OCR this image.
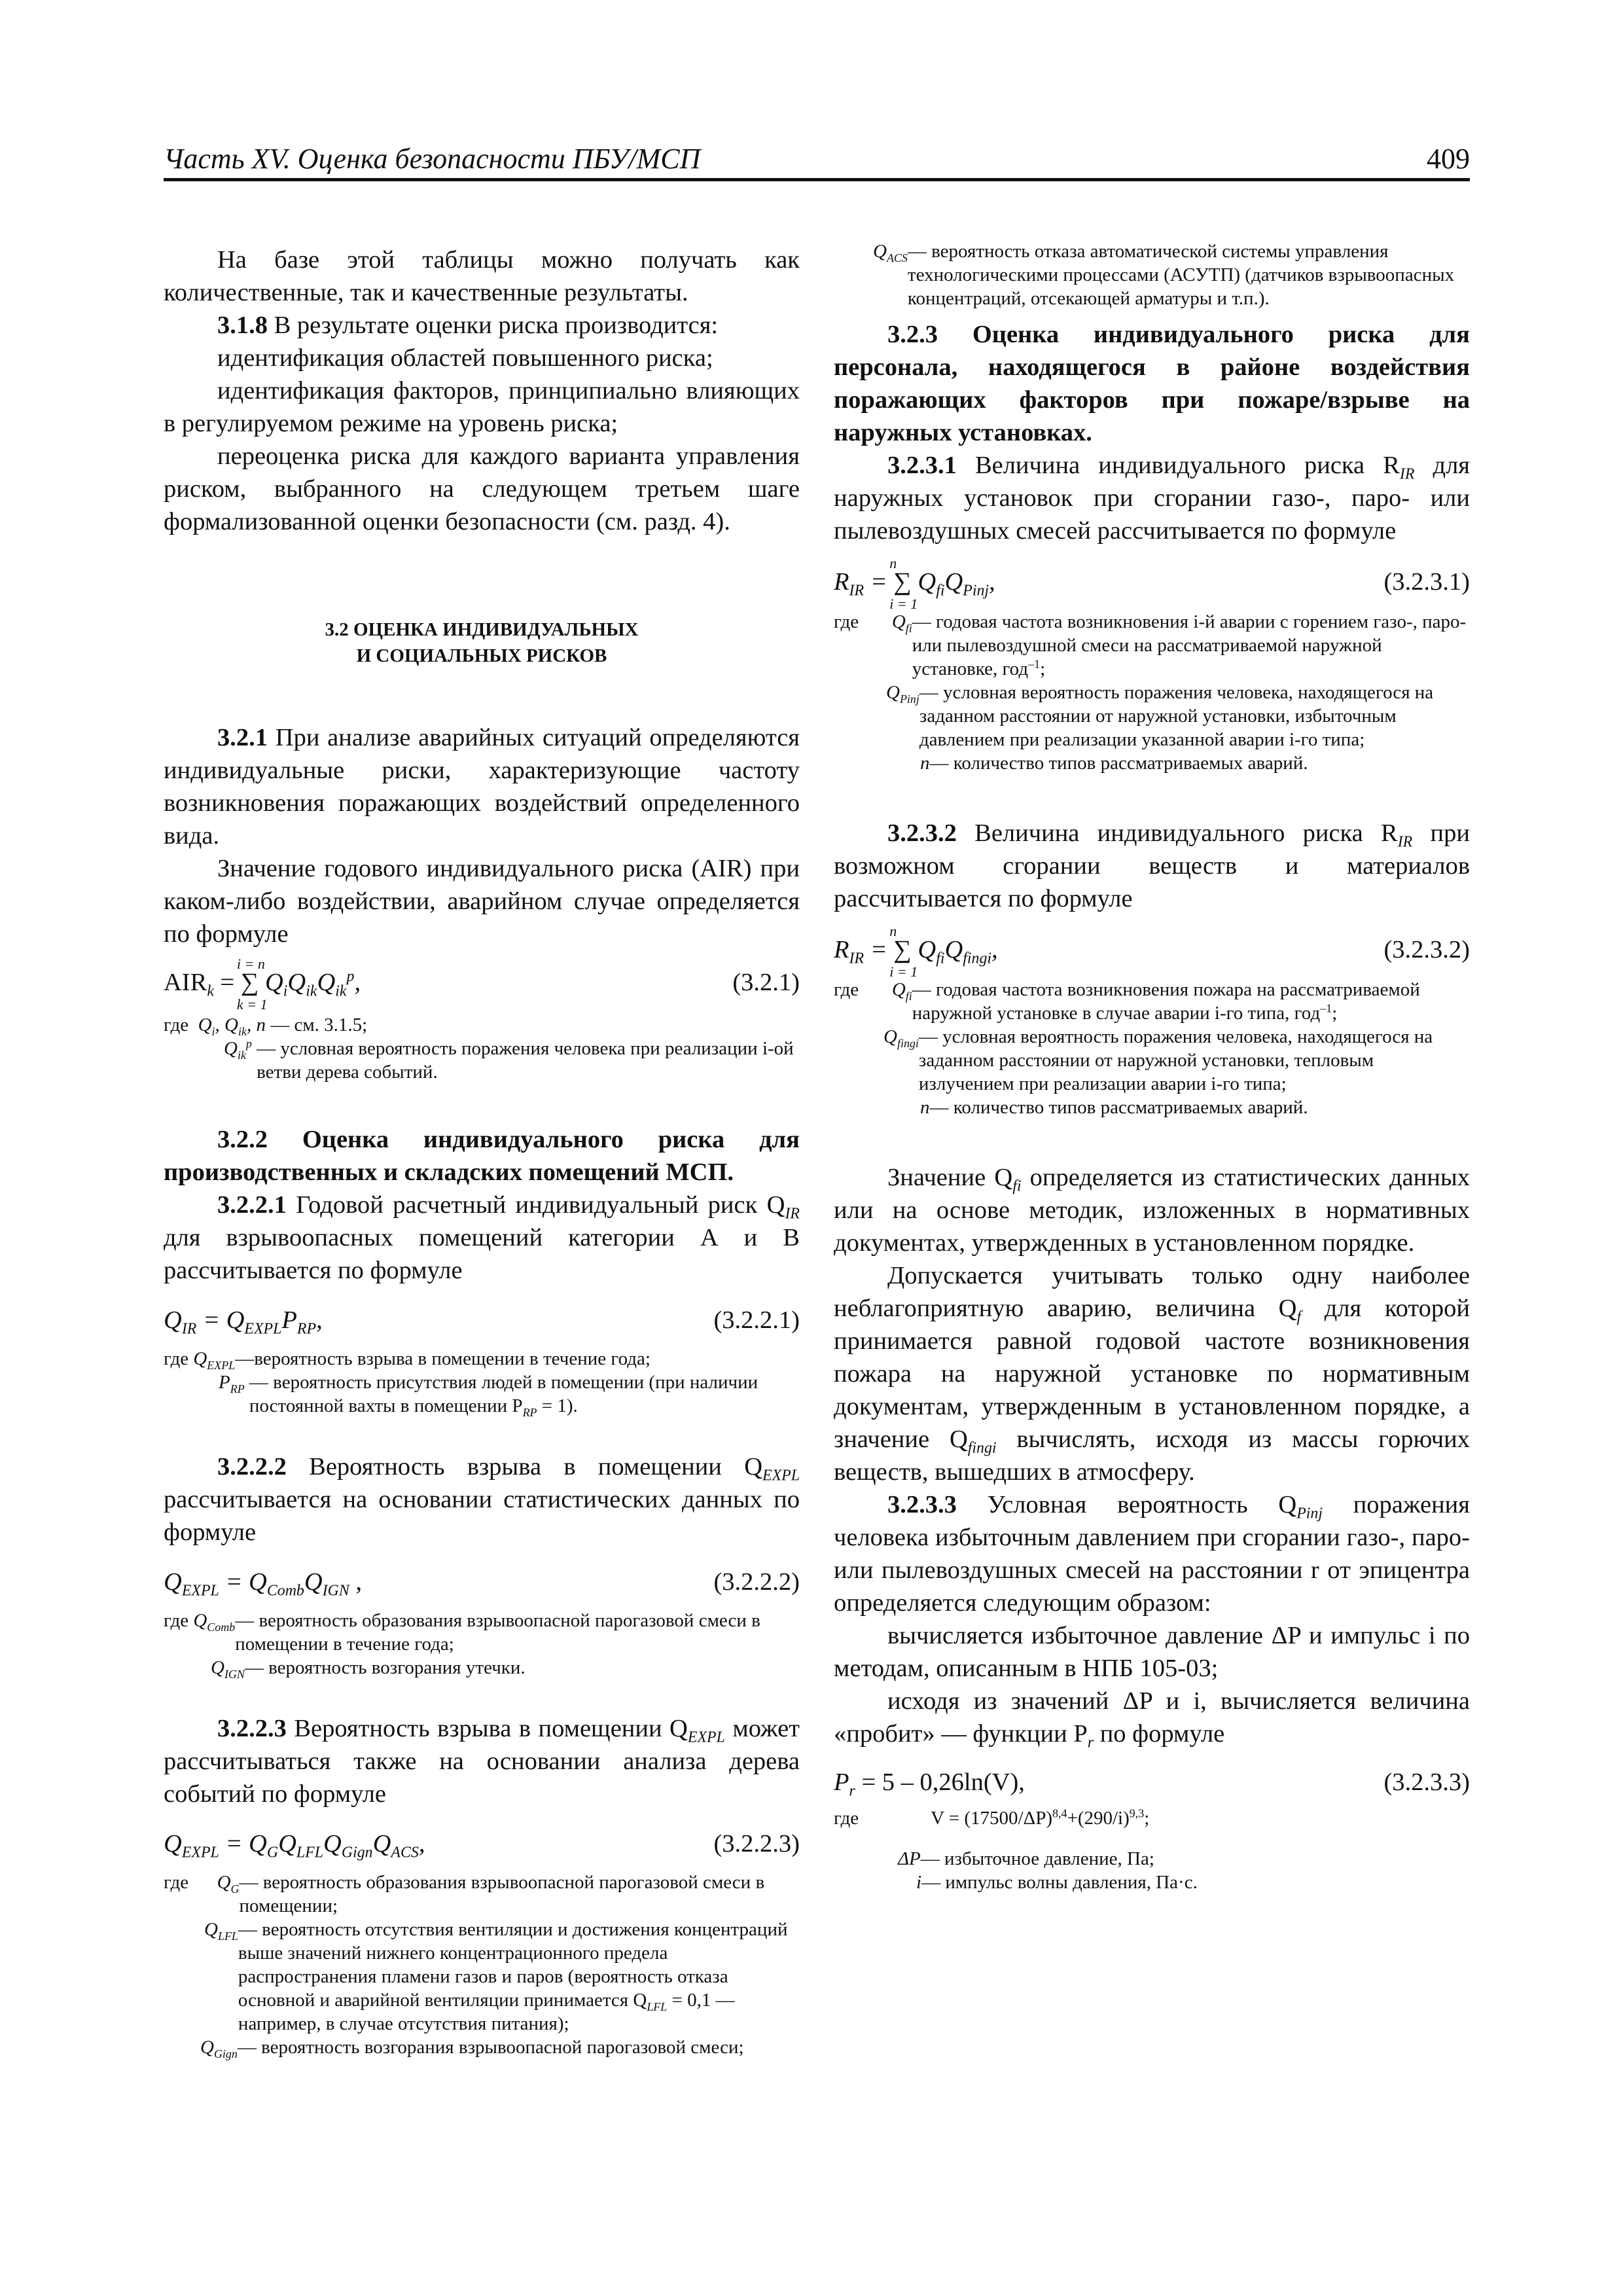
Часть XV. Оценка безопасности ПБУ/МСП	409

На базе этой таблицы можно получать как количественные, так и качественные результаты.

3.1.8 В результате оценки риска производится:

идентификация областей повышенного риска;

идентификация факторов, принципиально влияющих в регулируемом режиме на уровень риска;

переоценка риска для каждого варианта управления риском, выбранного на следующем третьем шаге формализованной оценки безопасности (см. разд. 4).

3.2 ОЦЕНКА ИНДИВИДУАЛЬНЫХ
И СОЦИАЛЬНЫХ РИСКОВ

3.2.1 При анализе аварийных ситуаций определяются индивидуальные риски, характеризующие частоту возникновения поражающих воздействий определенного вида.

Значение годового индивидуального риска (AIR) при каком-либо воздействии, аварийном случае определяется по формуле

$AIR_k$ = ∑
i = n
k = 1
$Q_iQ_{ik}Q_{ik}^p$,	(3.2.1)
где $Q_i$, $Q_{ik}$, n — см. 3.1.5;
$Q_{ik}^p$ — условная вероятность поражения человека при реализации i-ой ветви дерева событий.

3.2.2 Оценка индивидуального риска для производственных и складских помещений МСП.

3.2.2.1 Годовой расчетный индивидуальный риск $Q_{IR}$ для взрывоопасных помещений категории А и В рассчитывается по формуле

$Q_{IR} = Q_{EXPL}P_{RP}$,	(3.2.2.1)
где $Q_{EXPL}$ —вероятность взрыва в помещении в течение года;
$P_{RP}$ — вероятность присутствия людей в помещении (при наличии постоянной вахты в помещении $P_{RP} = 1$).

3.2.2.2 Вероятность взрыва в помещении $Q_{EXPL}$ рассчитывается на основании статистических данных по формуле

$Q_{EXPL} = Q_{Comb}Q_{IGN}$ ,	(3.2.2.2)
где $Q_{Comb}$ — вероятность образования взрывоопасной парогазовой смеси в помещении в течение года;
$Q_{IGN}$ — вероятность возгорания утечки.

3.2.2.3 Вероятность взрыва в помещении $Q_{EXPL}$ может рассчитываться также на основании анализа дерева событий по формуле

$Q_{EXPL} = Q_GQ_{LFL}Q_{Gign}Q_{ACS}$,	(3.2.2.3)
где      $Q_G$ — вероятность образования взрывоопасной парогазовой смеси в помещении;
$Q_{LFL}$ — вероятность отсутствия вентиляции и достижения концентраций выше значений нижнего концентрационного предела распространения пламени газов и паров (вероятность отказа основной и аварийной вентиляции принимается $Q_{LFL} = 0,1$ — например, в случае отсутствия питания);
$Q_{Gign}$ — вероятность возгорания взрывоопасной парогазовой смеси;
$Q_{ACS}$ — вероятность отказа автоматической системы управления технологическими процессами (АСУТП) (датчиков взрывоопасных концентраций, отсекающей арматуры и т.п.).

3.2.3 Оценка индивидуального риска для персонала, находящегося в районе воздействия поражающих факторов при пожаре/взрыве на наружных установках.

3.2.3.1 Величина индивидуального риска $R_{IR}$ для наружных установок при сгорании газо-, паро- или пылевоздушных смесей рассчитывается по формуле

$R_{IR}$ = ∑
n
i = 1
$Q_{fi}Q_{Pinj}$,	(3.2.3.1)
где       $Q_{fi}$ — годовая частота возникновения i-й аварии с горением газо-, паро- или пылевоздушной смеси на рассматриваемой наружной установке, год$^{-1}$;
$Q_{Pinj}$ — условная вероятность поражения человека, находящегося на заданном расстоянии от наружной установки, избыточным давлением при реализации указанной аварии i-го типа;
n — количество типов рассматриваемых аварий.

3.2.3.2 Величина индивидуального риска $R_{IR}$ при возможном сгорании веществ и материалов рассчитывается по формуле

$R_{IR}$ = ∑
n
i = 1
$Q_{fi}Q_{fingi}$,	(3.2.3.2)
где       $Q_{fi}$ — годовая частота возникновения пожара на рассматриваемой наружной установке в случае аварии i-го типа, год$^{-1}$;
$Q_{fingi}$ — условная вероятность поражения человека, находящегося на заданном расстоянии от наружной установки, тепловым излучением при реализации аварии i-го типа;
n — количество типов рассматриваемых аварий.

Значение $Q_{fi}$ определяется из статистических данных или на основе методик, изложенных в нормативных документах, утвержденных в установленном порядке.

Допускается учитывать только одну наиболее неблагоприятную аварию, величина $Q_f$ для которой принимается равной годовой частоте возникновения пожара на наружной установке по нормативным документам, утвержденным в установленном порядке, а значение $Q_{fingi}$ вычислять, исходя из массы горючих веществ, вышедших в атмосферу.

3.2.3.3 Условная вероятность $Q_{Pinj}$ поражения человека избыточным давлением при сгорании газо-, паро- или пылевоздушных смесей на расстоянии r от эпицентра определяется следующим образом:

вычисляется избыточное давление ΔP и импульс i по методам, описанным в НПБ 105-03;

исходя из значений ΔP и i, вычисляется величина «пробит» — функции $P_r$ по формуле

$P_r = 5 - 0,26\ln(V)$,	(3.2.3.3)
где	$V = (17500/\Delta P)^{8,4}+(290/i)^{9,3}$;
ΔP — избыточное давление, Па;
i — импульс волны давления, Па·с.
